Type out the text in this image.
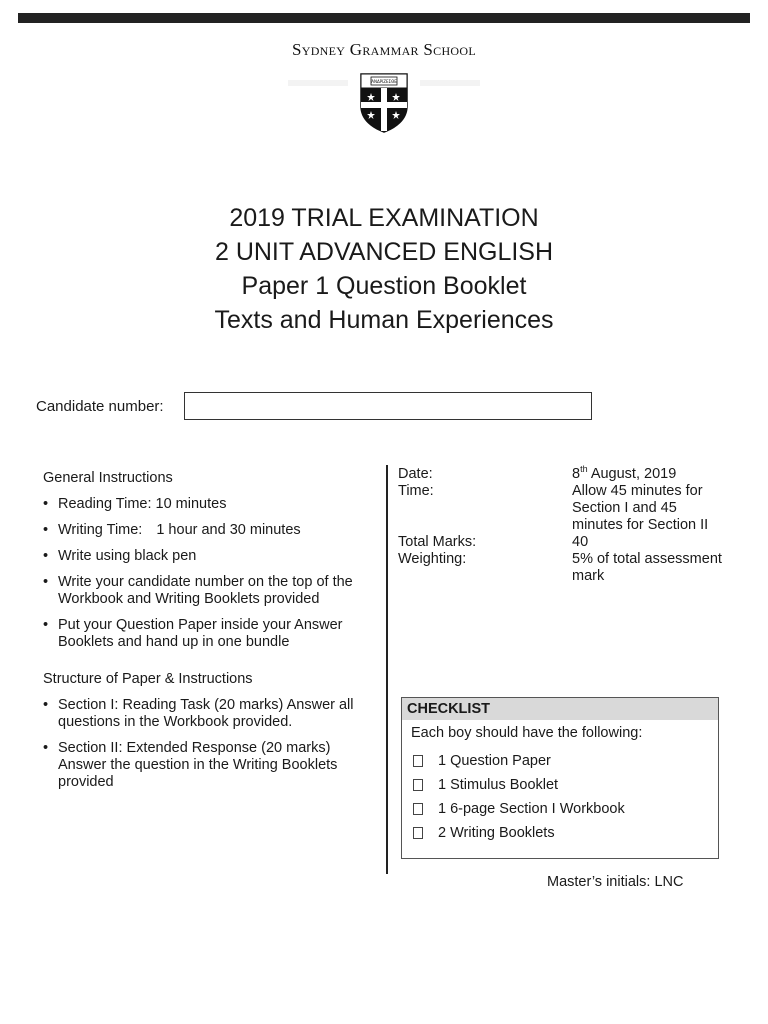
Sydney Grammar School
ἈΝΔΡΙΖΕΣΘΕ
2019 TRIAL EXAMINATION
2 UNIT ADVANCED ENGLISH
Paper 1 Question Booklet
Texts and Human Experiences
Candidate number:
General Instructions
• Reading Time: 10 minutes
• Writing Time: 1 hour and 30 minutes
• Write using black pen
• Write your candidate number on the top of the Workbook and Writing Booklets provided
• Put your Question Paper inside your Answer Booklets and hand up in one bundle
Structure of Paper & Instructions
• Section I: Reading Task (20 marks) Answer all questions in the Workbook provided.
• Section II: Extended Response (20 marks) Answer the question in the Writing Booklets provided
Date:	8th August, 2019
Time:	Allow 45 minutes for Section I and 45 minutes for Section II
Total Marks:	40
Weighting:	5% of total assessment mark
CHECKLIST
Each boy should have the following:
1 Question Paper
1 Stimulus Booklet
1 6-page Section I Workbook
2 Writing Booklets
Master’s initials: LNC
